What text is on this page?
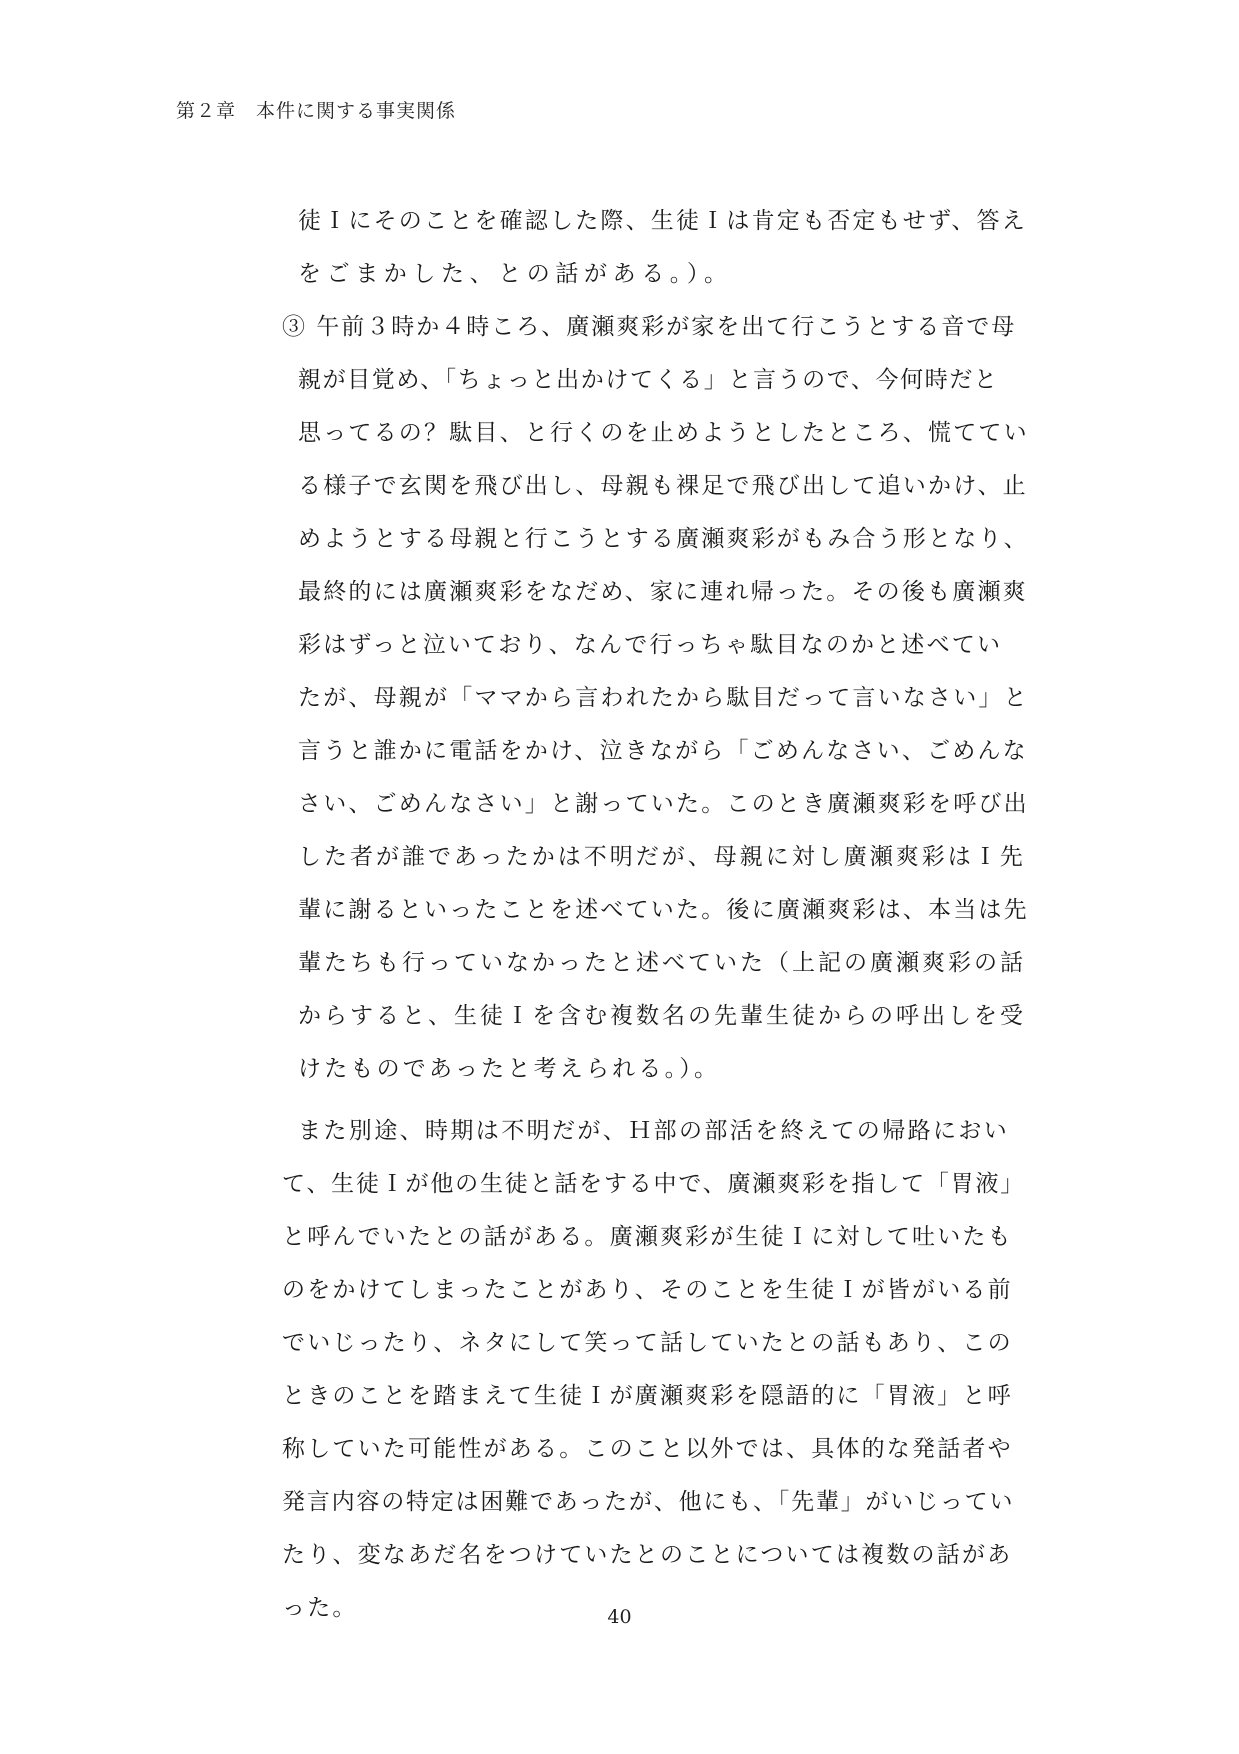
第２章　本件に関する事実関係
徒Ｉにそのことを確認した際、生徒Ｉは肯定も否定もせず、答え
をごまかした、との話がある。）。
③ 午前３時か４時ころ、廣瀬爽彩が家を出て行こうとする音で母
親が目覚め、「ちょっと出かけてくる」と言うので、今何時だと
思ってるの？駄目、と行くのを止めようとしたところ、慌ててい
る様子で玄関を飛び出し、母親も裸足で飛び出して追いかけ、止
めようとする母親と行こうとする廣瀬爽彩がもみ合う形となり、
最終的には廣瀬爽彩をなだめ、家に連れ帰った。その後も廣瀬爽
彩はずっと泣いており、なんで行っちゃ駄目なのかと述べてい
たが、母親が「ママから言われたから駄目だって言いなさい」と
言うと誰かに電話をかけ、泣きながら「ごめんなさい、ごめんな
さい、ごめんなさい」と謝っていた。このとき廣瀬爽彩を呼び出
した者が誰であったかは不明だが、母親に対し廣瀬爽彩はＩ先
輩に謝るといったことを述べていた。後に廣瀬爽彩は、本当は先
輩たちも行っていなかったと述べていた（上記の廣瀬爽彩の話
からすると、生徒Ｉを含む複数名の先輩生徒からの呼出しを受
けたものであったと考えられる。）。
また別途、時期は不明だが、Ｈ部の部活を終えての帰路におい
て、生徒Ｉが他の生徒と話をする中で、廣瀬爽彩を指して「胃液」
と呼んでいたとの話がある。廣瀬爽彩が生徒Ｉに対して吐いたも
のをかけてしまったことがあり、そのことを生徒Ｉが皆がいる前
でいじったり、ネタにして笑って話していたとの話もあり、この
ときのことを踏まえて生徒Ｉが廣瀬爽彩を隠語的に「胃液」と呼
称していた可能性がある。このこと以外では、具体的な発話者や
発言内容の特定は困難であったが、他にも、「先輩」がいじってい
たり、変なあだ名をつけていたとのことについては複数の話があ
った。	40
